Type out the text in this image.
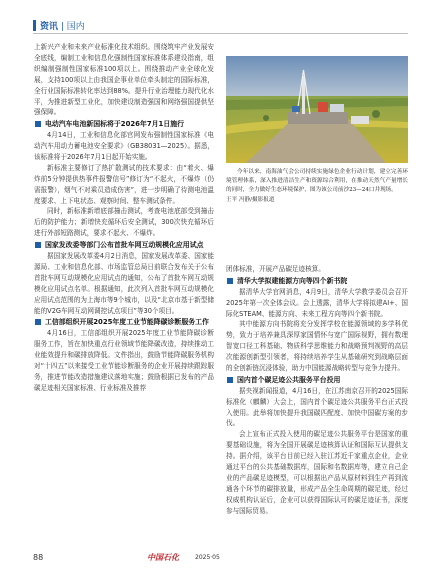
资讯 | 国内

上新兴产业和未来产业标准化技术组织。围绕筑牢产业发展安全底线，编制工业和信息化强制性国家标准体系建设指南，组织编制强制性国家标准100项以上。围绕推动产业全球化发展，支持100项以上由我国企事业单位牵头制定的国际标准，全行业国际标准转化率达到88%。提升行业治理能力现代化水平，为推进新型工业化，加快建设制造强国和网络强国提供坚强保障。

电动汽车电池新国标将于2026年7月1日施行

4月14日，工业和信息化部官网发布强制性国家标准《电动汽车用动力蓄电池安全要求》（GB38031—2025）。据悉，该标准将于2026年7月1日起开始实施。

新标准主要修订了热扩散测试的技术要求：由“着火、爆炸前5分钟提供热事件报警信号”修订为“不起火，不爆炸（仍需报警），烟气不对乘员造成伤害”，进一步明确了待测电池温度要求、上下电状态、观察时间、整车测试条件。

同时，新标准新增底部撞击测试，考查电池底部受到撞击后的防护能力；新增快充循环后安全测试，300次快充循环后进行外部短路测试，要求不起火、不爆炸。

国家发改委等部门公布首批车网互动规模化应用试点

据国家发展改革委4月2日消息，国家发展改革委、国家能源局、工业和信息化部、市场监管总局日前联合发布关于公布首批车网互动规模化应用试点的通知，公布了首批车网互动规模化应用试点名单。根据通知，此次列入首批车网互动规模化应用试点范围的为上海市等9个城市，以及“北京市基于新型储能的V2G车网互动网调控试点项目”等30个项目。

工信部组织开展2025年度工业节能降碳诊断服务工作

4月16日，工信部组织开展2025年度工业节能降碳诊断服务工作，旨在加快重点行业领域节能降碳改造，持续推动工业能效提升和碳排放降低。文件指出，鼓励节能降碳服务机构对“十四五”以来接受工业节能诊断服务的企业开展持续跟踪服务，推进节能改造措施建议落地实施；鼓励根据已发布的产品碳足迹相关国家标准、行业标准及推荐

今年以来，南海油气会公司持续实施绿色企业行动计划，建立完善环境管理体系，深入推进清洁生产和资源综合利用，在推动天然气产量增长的同时，全力做好生态环境保护，图为该公司前沙23—24口井现场。

王平 冯静/摄影报道

团体标准，开展产品碳足迹核算。

清华大学拟建能源方向等四个新书院

据清华大学官网消息，4月9日，清华大学教学委员会召开2025年第一次全体会议。会上透露，清华大学将拟建AI+、国际化STEAM、能源方向、未来工程方向等四个新书院。

其中能源方向书院将充分发挥学校在能源领域的多学科优势，致力于培养兼具深厚家国情怀与宽广国际视野，拥有数理智宽口径工科基础、物质科学思维能力和战略预判视野的高层次能源创新型引领者，将持续培养学生从基础研究到战略层面的全创新链沉浸体验，助力中国能源战略转型与竞争力提升。

国内首个碳足迹公共服务平台投用

据央视新闻报道，4月16日，在江苏南京召开的2025国际标准化（麒麟）大会上，国内首个碳足迹公共服务平台正式投入使用。此举将加快提升我国碳匹配度、加快中国碳方案的步伐。

会上宣布正式投入使用的碳足迹公共服务平台是国家的重要基础设施，将为全国开展碳足迹核算认证和国际互认提供支持。据介绍，该平台目前已经入驻江苏近千家重点企业，企业通过平台的公共基础数据库，国际和名数据库等，建立自己企业的产品碳足迹模型，可以根据出产品从原材料到生产再到流通各个环节的碳排放量，形成产品全生命周期的碳足迹，经过权威机构认证后，企业可以获得国际认可的碳足迹证书，深度参与国际贸易。

88	中国石化	2025·05
